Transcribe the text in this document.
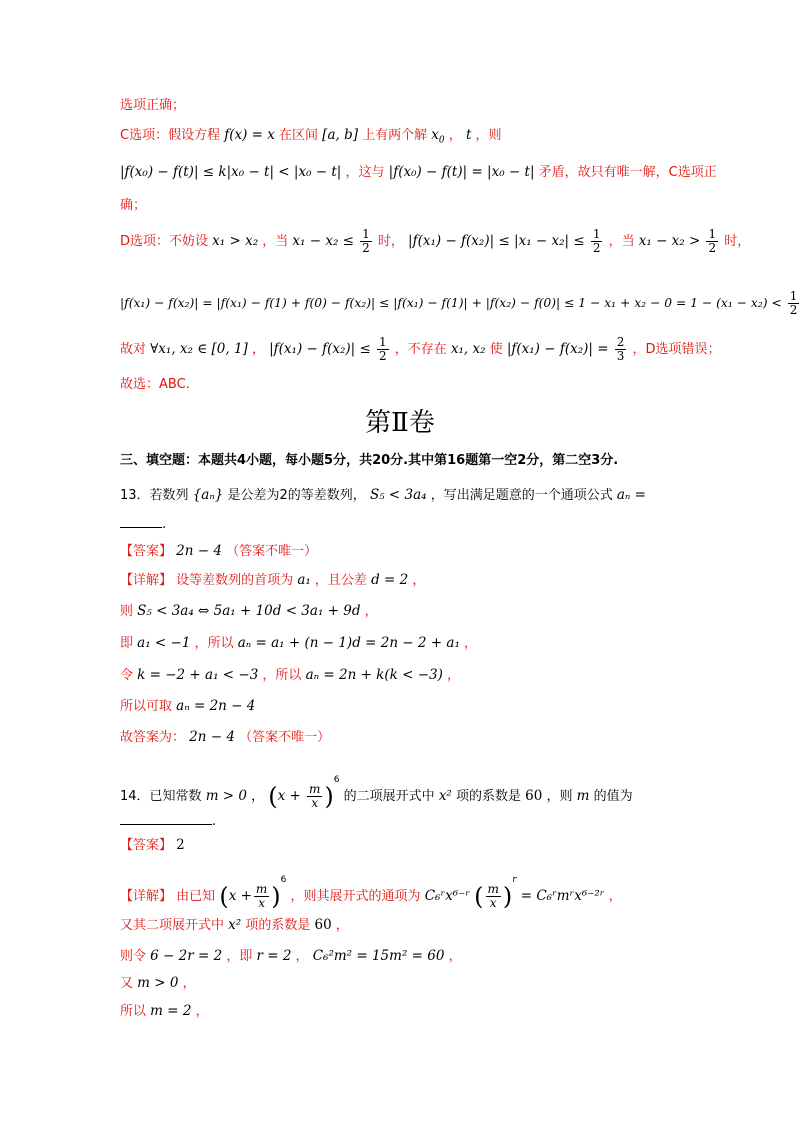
选项正确；
C选项：假设方程 f(x) = x 在区间 [a, b] 上有两个解 $x_0$ ， t ，则
|f(x₀) − f(t)| ≤ k|x₀ − t| < |x₀ − t| ，这与 |f(x₀) − f(t)| = |x₀ − t| 矛盾，故只有唯一解，C选项正
确；
D选项：不妨设 x₁ > x₂ ，当 $x_1 - x_2 \le \frac{1}{2}$ 时， $|f(x_1) - f(x_2)| \le |x_1 - x_2| \le \frac{1}{2}$ ，当 $x_1 - x_2 > \frac{1}{2}$ 时，
$|f(x_1) - f(x_2)| = |f(x_1) - f(1) + f(0) - f(x_2)| \le |f(x_1) - f(1)| + |f(x_2) - f(0)| \le 1 - x_1 + x_2 - 0 = 1 - (x_1 - x_2) < \frac{1}{2}$
故对 ∀x₁, x₂ ∈ [0, 1] ， $|f(x_1) - f(x_2)| \le \frac{1}{2}$ ，不存在 x₁, x₂ 使 $|f(x_1) - f(x_2)| = \frac{2}{3}$ ，D选项错误；
故选：ABC.
第Ⅱ卷
三、填空题：本题共4小题，每小题5分，共20分.其中第16题第一空2分，第二空3分.
13．若数列 {aₙ} 是公差为2的等差数列， S₅ < 3a₄ ，写出满足题意的一个通项公式 aₙ =
.
【答案】 2n − 4 （答案不唯一）
【详解】 设等差数列的首项为 a₁ ，且公差 d = 2 ，
则 S₅ < 3a₄ ⇔ 5a₁ + 10d < 3a₁ + 9d ，
即 a₁ < −1 ，所以 aₙ = a₁ + (n − 1)d = 2n − 2 + a₁ ，
令 k = −2 + a₁ < −3 ，所以 aₙ = 2n + k(k < −3) ，
所以可取 aₙ = 2n − 4
故答案为： 2n − 4 （答案不唯一）
14．已知常数 m > 0 ， $(x + \frac{m}{x} )^6$ 的二项展开式中 x² 项的系数是 60 ，则 m 的值为
.
【答案】 2
【详解】 由已知 $(x + \frac{m}{x} )^6$ ，则其展开式的通项为 C₆ʳx⁶⁻ʳ ( $\frac{m}{x} )^r$ = C₆ʳmʳx⁶⁻²ʳ ，
又其二项展开式中 x² 项的系数是 60 ，
则令 6 − 2r = 2 ，即 r = 2 ， C₆²m² = 15m² = 60 ，
又 m > 0 ，
所以 m = 2 ，
